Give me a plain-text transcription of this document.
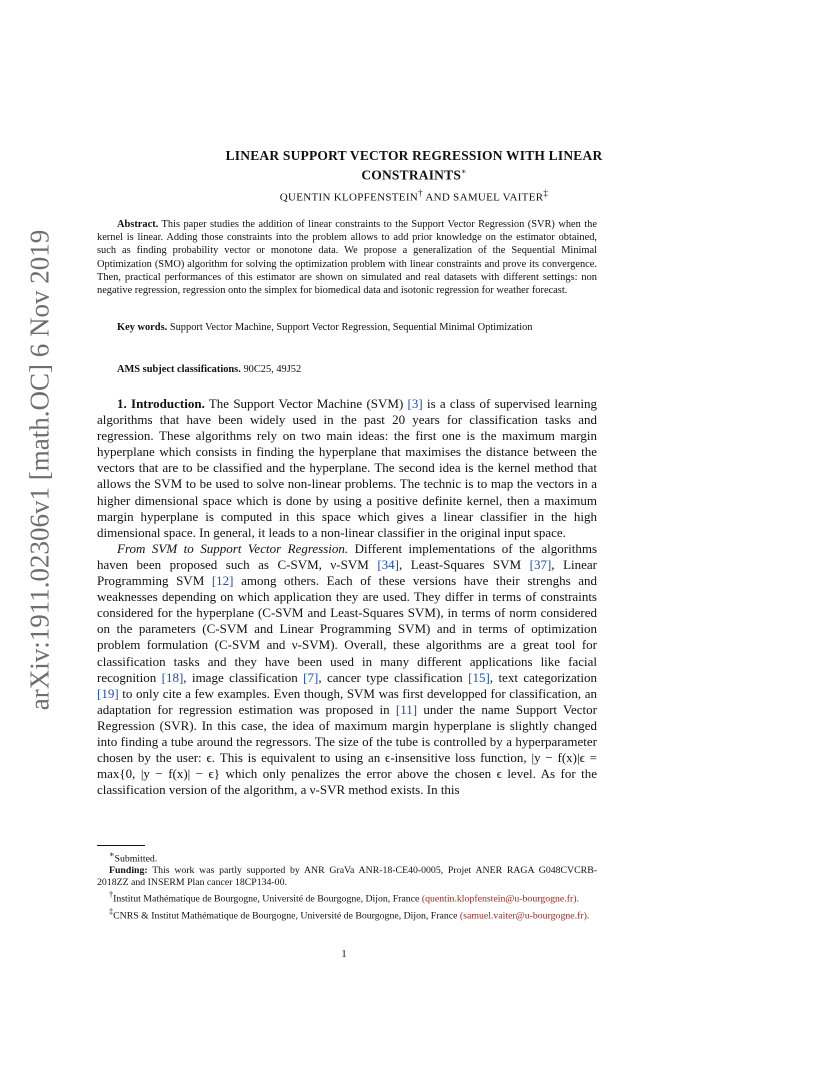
arXiv:1911.02306v1 [math.OC] 6 Nov 2019
LINEAR SUPPORT VECTOR REGRESSION WITH LINEAR
CONSTRAINTS∗
QUENTIN KLOPFENSTEIN† AND SAMUEL VAITER‡
Abstract. This paper studies the addition of linear constraints to the Support Vector Regression (SVR) when the kernel is linear. Adding those constraints into the problem allows to add prior knowledge on the estimator obtained, such as finding probability vector or monotone data. We propose a generalization of the Sequential Minimal Optimization (SMO) algorithm for solving the optimization problem with linear constraints and prove its convergence. Then, practical performances of this estimator are shown on simulated and real datasets with different settings: non negative regression, regression onto the simplex for biomedical data and isotonic regression for weather forecast.
Key words. Support Vector Machine, Support Vector Regression, Sequential Minimal Optimization
AMS subject classifications. 90C25, 49J52

1. Introduction. The Support Vector Machine (SVM) [3] is a class of supervised learning algorithms that have been widely used in the past 20 years for classification tasks and regression. These algorithms rely on two main ideas: the first one is the maximum margin hyperplane which consists in finding the hyperplane that maximises the distance between the vectors that are to be classified and the hyperplane. The second idea is the kernel method that allows the SVM to be used to solve non-linear problems. The technic is to map the vectors in a higher dimensional space which is done by using a positive definite kernel, then a maximum margin hyperplane is computed in this space which gives a linear classifier in the high dimensional space. In general, it leads to a non-linear classifier in the original input space.

From SVM to Support Vector Regression. Different implementations of the algorithms haven been proposed such as C-SVM, ν-SVM [34], Least-Squares SVM [37], Linear Programming SVM [12] among others. Each of these versions have their strenghs and weaknesses depending on which application they are used. They differ in terms of constraints considered for the hyperplane (C-SVM and Least-Squares SVM), in terms of norm considered on the parameters (C-SVM and Linear Programming SVM) and in terms of optimization problem formulation (C-SVM and ν-SVM). Overall, these algorithms are a great tool for classification tasks and they have been used in many different applications like facial recognition [18], image classification [7], cancer type classification [15], text categorization [19] to only cite a few examples. Even though, SVM was first developped for classification, an adaptation for regression estimation was proposed in [11] under the name Support Vector Regression (SVR). In this case, the idea of maximum margin hyperplane is slightly changed into finding a tube around the regressors. The size of the tube is controlled by a hyperparameter chosen by the user: ϵ. This is equivalent to using an ϵ-insensitive loss function, |y − f(x)|ϵ = max{0, |y − f(x)| − ϵ} which only penalizes the error above the chosen ϵ level. As for the classification version of the algorithm, a ν-SVR method exists. In this

∗Submitted.

Funding: This work was partly supported by ANR GraVa ANR-18-CE40-0005, Projet ANER RAGA G048CVCRB-2018ZZ and INSERM Plan cancer 18CP134-00.

†Institut Mathématique de Bourgogne, Université de Bourgogne, Dijon, France (quentin.klopfenstein@u-bourgogne.fr).

‡CNRS & Institut Mathématique de Bourgogne, Université de Bourgogne, Dijon, France (samuel.vaiter@u-bourgogne.fr).

1
